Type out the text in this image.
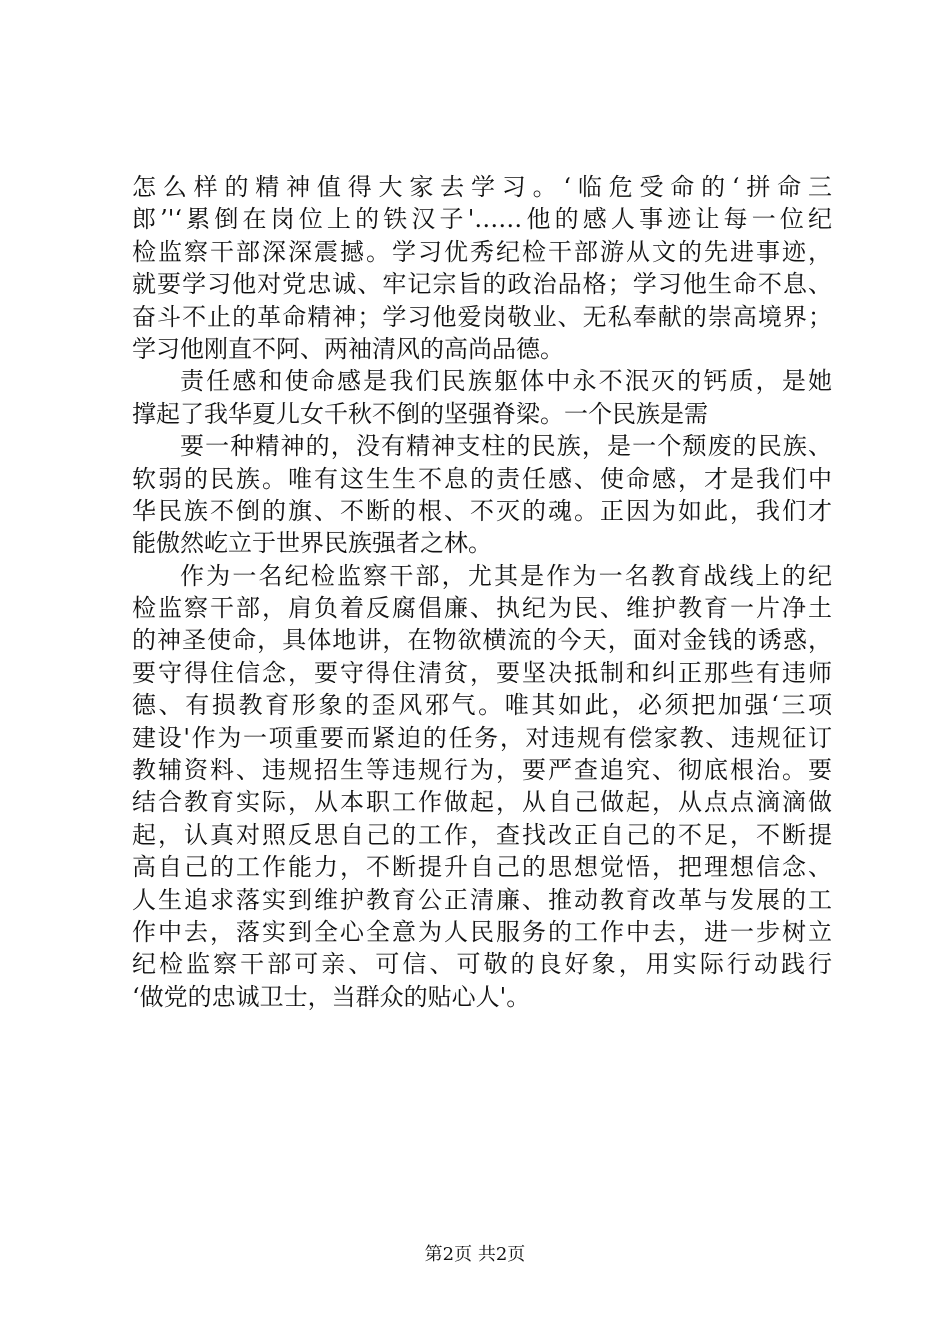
怎么样的精神值得大家去学习。‘临危受命的‘拼命三
郎’'‘累倒在岗位上的铁汉子'……他的感人事迹让每一位纪
检监察干部深深震撼。学习优秀纪检干部游从文的先进事迹，
就要学习他对党忠诚、牢记宗旨的政治品格；学习他生命不息、
奋斗不止的革命精神；学习他爱岗敬业、无私奉献的崇高境界；
学习他刚直不阿、两袖清风的高尚品德。
责任感和使命感是我们民族躯体中永不泯灭的钙质，是她
撑起了我华夏儿女千秋不倒的坚强脊梁。一个民族是需
要一种精神的，没有精神支柱的民族，是一个颓废的民族、
软弱的民族。唯有这生生不息的责任感、使命感，才是我们中
华民族不倒的旗、不断的根、不灭的魂。正因为如此，我们才
能傲然屹立于世界民族强者之林。
作为一名纪检监察干部，尤其是作为一名教育战线上的纪
检监察干部，肩负着反腐倡廉、执纪为民、维护教育一片净土
的神圣使命，具体地讲，在物欲横流的今天，面对金钱的诱惑，
要守得住信念，要守得住清贫，要坚决抵制和纠正那些有违师
德、有损教育形象的歪风邪气。唯其如此，必须把加强‘三项
建设'作为一项重要而紧迫的任务，对违规有偿家教、违规征订
教辅资料、违规招生等违规行为，要严查追究、彻底根治。要
结合教育实际，从本职工作做起，从自己做起，从点点滴滴做
起，认真对照反思自己的工作，查找改正自己的不足，不断提
高自己的工作能力，不断提升自己的思想觉悟，把理想信念、
人生追求落实到维护教育公正清廉、推动教育改革与发展的工
作中去，落实到全心全意为人民服务的工作中去，进一步树立
纪检监察干部可亲、可信、可敬的良好象，用实际行动践行
‘做党的忠诚卫士，当群众的贴心人'。
第2页 共2页
